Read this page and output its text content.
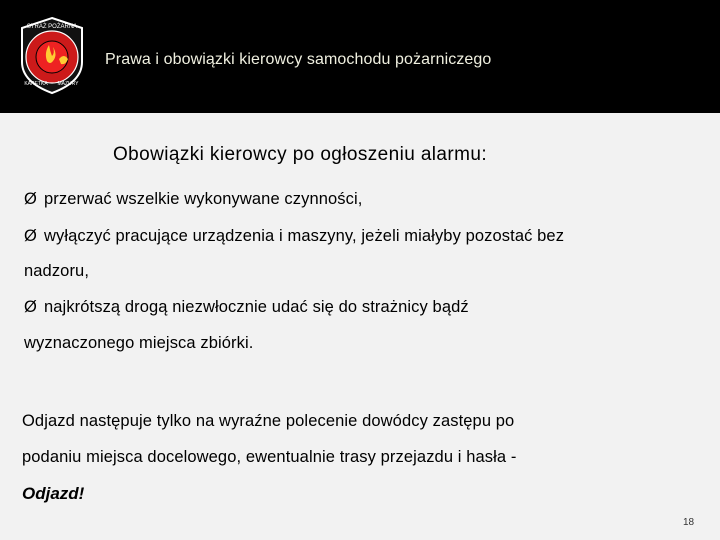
STRAŻ POŻARNA
KARETKA MAZURY
Prawa i obowiązki kierowcy samochodu pożarniczego
Obowiązki kierowcy po ogłoszeniu alarmu:
Ø przerwać wszelkie wykonywane czynności,
Ø wyłączyć pracujące urządzenia i maszyny, jeżeli miałyby pozostać bez
nadzoru,
Ø najkrótszą drogą niezwłocznie udać się do strażnicy bądź
wyznaczonego miejsca zbiórki.
Odjazd następuje tylko na wyraźne polecenie dowódcy zastępu po
podaniu miejsca docelowego, ewentualnie trasy przejazdu i hasła -
Odjazd!
18
